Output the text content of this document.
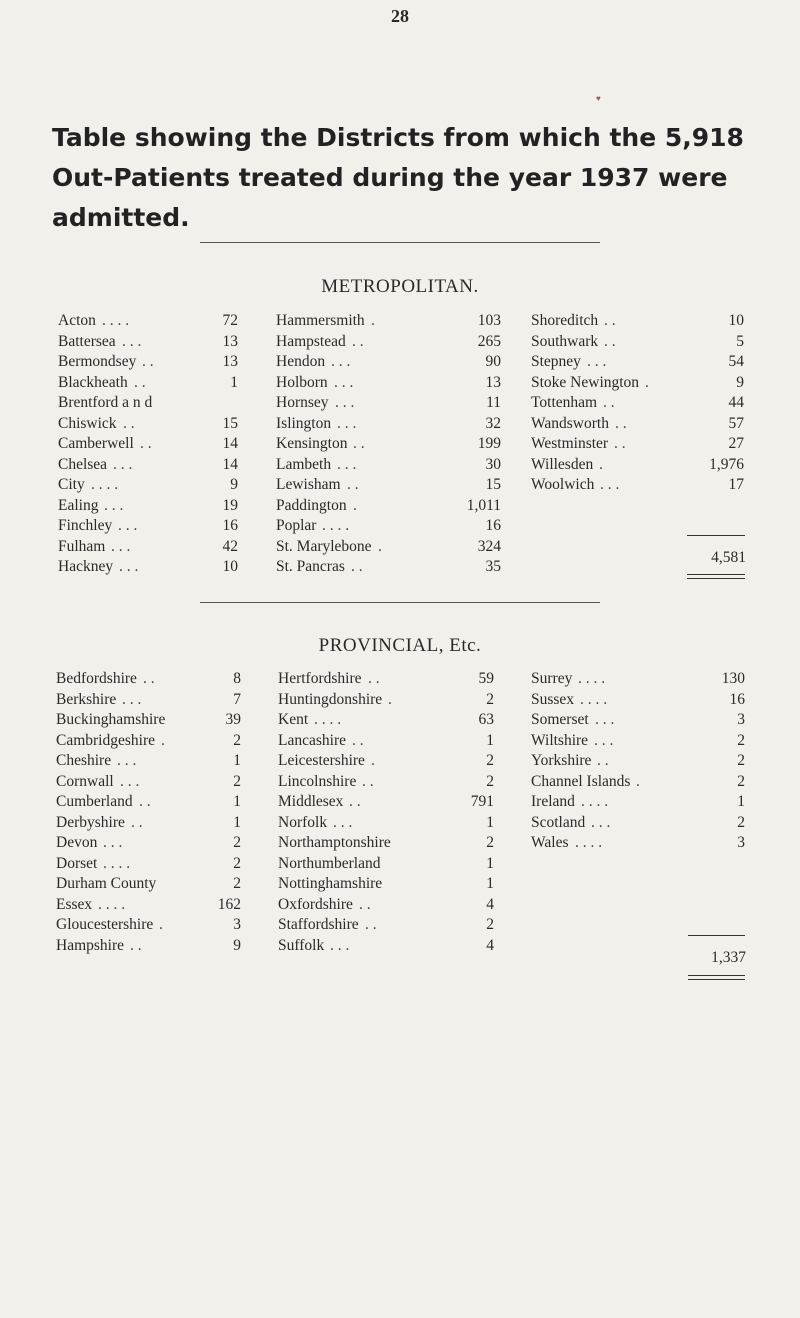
28
♥
Table showing the Districts from which the 5,918 Out-Patients treated during the year 1937 were admitted.
METROPOLITAN.
Acton . . . .	72
Battersea . . .	13
Bermondsey . .	13
Blackheath . .	1
Brentford a n d
Chiswick . .	15
Camberwell . .	14
Chelsea . . .	14
City . . . .	9
Ealing . . .	19
Finchley . . .	16
Fulham . . .	42
Hackney . . .	10
Hammersmith .	103
Hampstead . .	265
Hendon . . .	90
Holborn . . .	13
Hornsey . . .	11
Islington . . .	32
Kensington . .	199
Lambeth . . .	30
Lewisham . .	15
Paddington .	1,011
Poplar . . . .	16
St. Marylebone .	324
St. Pancras . .	35
Shoreditch . .	10
Southwark . .	5
Stepney . . .	54
Stoke Newington .	9
Tottenham . .	44
Wandsworth . .	57
Westminster . .	27
Willesden .	1,976
Woolwich . . .	17
4,581
PROVINCIAL, Etc.
Bedfordshire . .	8
Berkshire . . .	7
Buckinghamshire	39
Cambridgeshire .	2
Cheshire . . .	1
Cornwall . . .	2
Cumberland . .	1
Derbyshire . .	1
Devon . . .	2
Dorset . . . .	2
Durham County	2
Essex . . . .	162
Gloucestershire .	3
Hampshire . .	9
Hertfordshire . .	59
Huntingdonshire .	2
Kent . . . .	63
Lancashire . .	1
Leicestershire .	2
Lincolnshire . .	2
Middlesex . .	791
Norfolk . . .	1
Northamptonshire	2
Northumberland	1
Nottinghamshire	1
Oxfordshire . .	4
Staffordshire . .	2
Suffolk . . .	4
Surrey . . . .	130
Sussex . . . .	16
Somerset . . .	3
Wiltshire . . .	2
Yorkshire . .	2
Channel Islands .	2
Ireland . . . .	1
Scotland . . .	2
Wales . . . .	3
1,337
